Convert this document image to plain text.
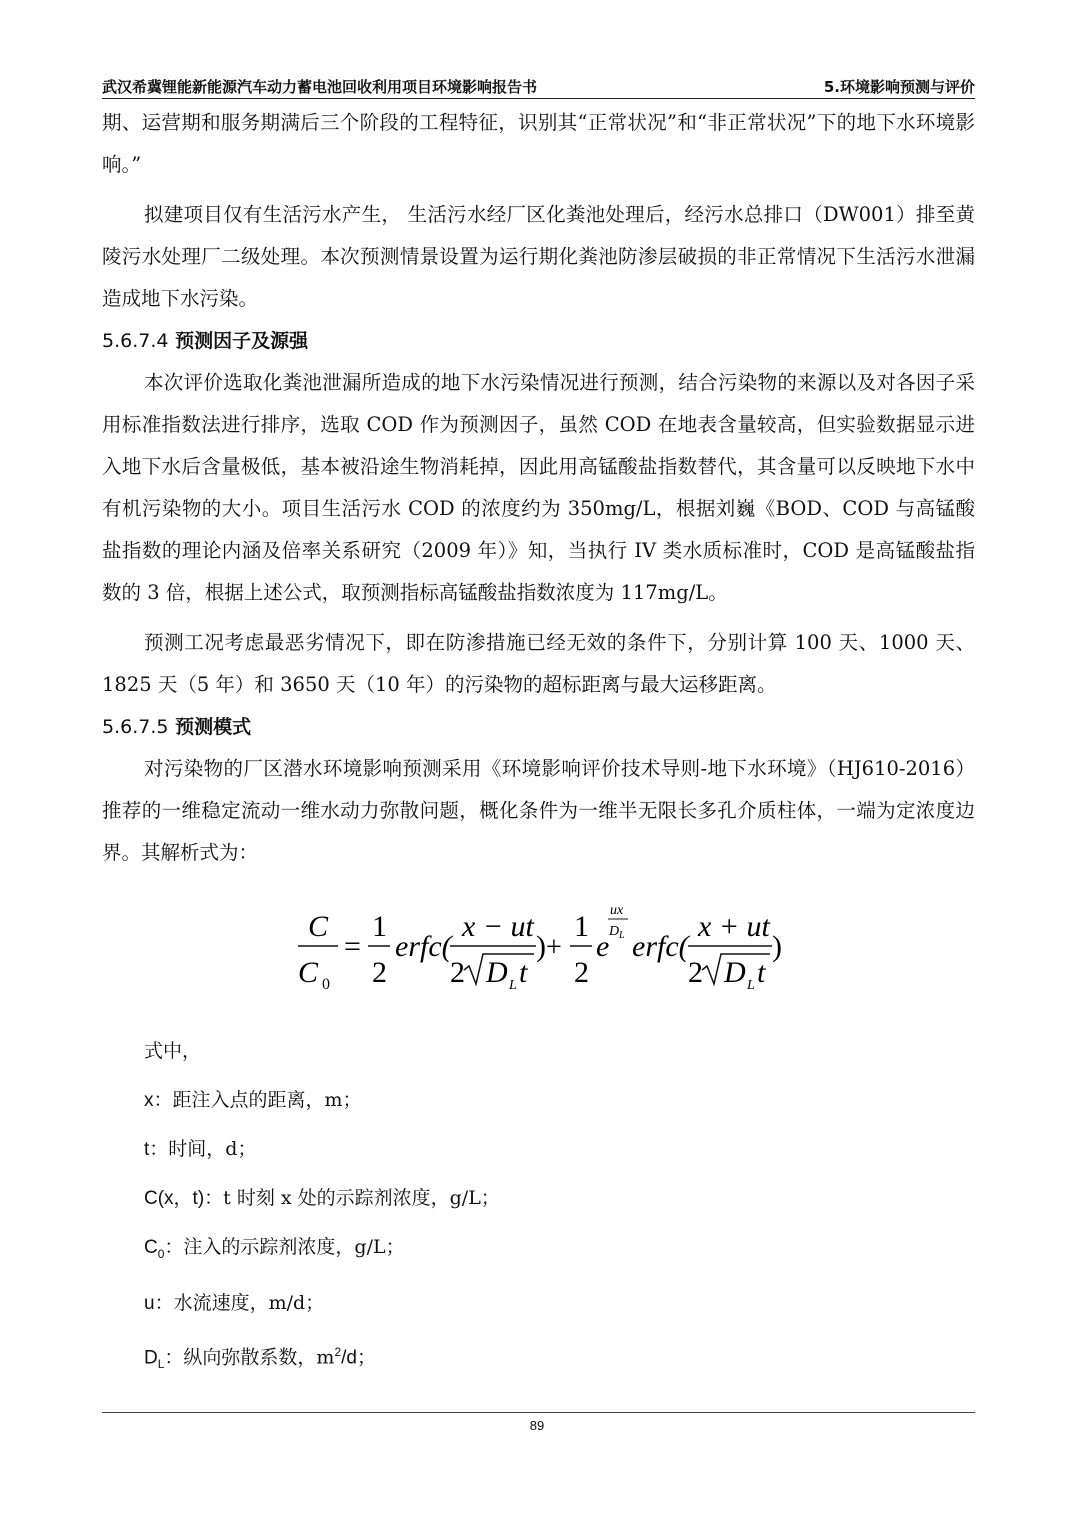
武汉希冀锂能新能源汽车动力蓄电池回收利用项目环境影响报告书	5.环境影响预测与评价

期、运营期和服务期满后三个阶段的工程特征，识别其“正常状况”和“非正常状况”下的地下水环境影响。”

拟建项目仅有生活污水产生， 生活污水经厂区化粪池处理后，经污水总排口（DW001）排至黄陵污水处理厂二级处理。本次预测情景设置为运行期化粪池防渗层破损的非正常情况下生活污水泄漏造成地下水污染。

5.6.7.4 预测因子及源强

本次评价选取化粪池泄漏所造成的地下水污染情况进行预测，结合污染物的来源以及对各因子采用标准指数法进行排序，选取 COD 作为预测因子，虽然 COD 在地表含量较高，但实验数据显示进入地下水后含量极低，基本被沿途生物消耗掉，因此用高锰酸盐指数替代，其含量可以反映地下水中有机污染物的大小。项目生活污水 COD 的浓度约为 350mg/L，根据刘巍《BOD、COD 与高锰酸盐指数的理论内涵及倍率关系研究（2009 年）》知，当执行 IV 类水质标准时，COD 是高锰酸盐指数的 3 倍，根据上述公式，取预测指标高锰酸盐指数浓度为 117mg/L。

预测工况考虑最恶劣情况下，即在防渗措施已经无效的条件下，分别计算 100 天、1000 天、1825 天（5 年）和 3650 天（10 年）的污染物的超标距离与最大运移距离。

5.6.7.5 预测模式

对污染物的厂区潜水环境影响预测采用《环境影响评价技术导则-地下水环境》（HJ610-2016）推荐的一维稳定流动一维水动力弥散问题，概化条件为一维半无限长多孔介质柱体，一端为定浓度边界。其解析式为：

C
C 0
=
1
2
erfc(
x − ut
2 D L t
) +
1
2
e
ux
D L erfc(
x + ut
2 D L t
)
式中，
x：距注入点的距离，m；
t：时间，d；
C(x，t)：t 时刻 x 处的示踪剂浓度，g/L；
$C_0$：注入的示踪剂浓度，g/L；
u：水流速度，m/d；
$D_L$：纵向弥散系数，$m^2/d$；
89
